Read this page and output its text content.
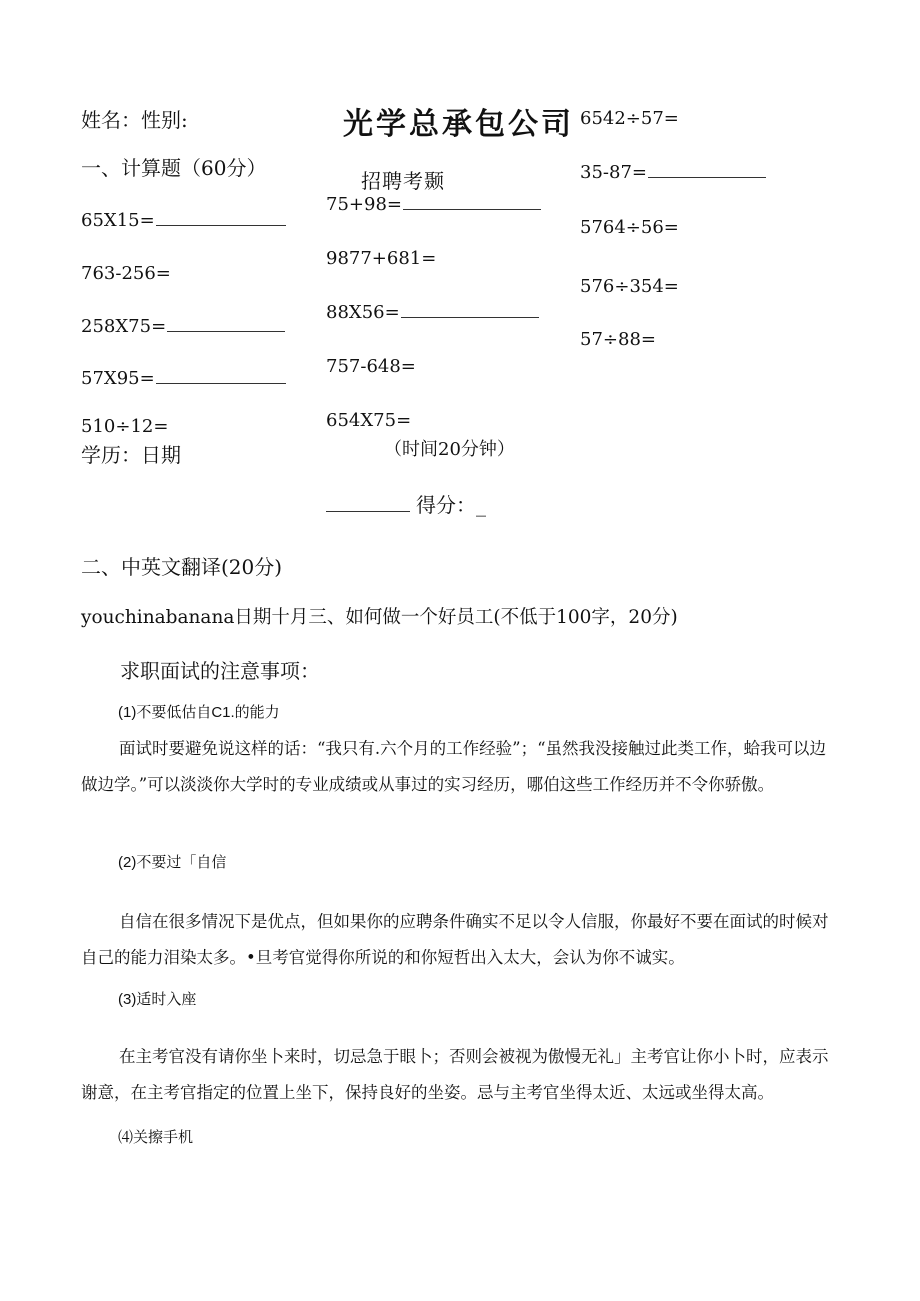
姓名：性别:	光学总承包公司
招聘考颞
一、计算题（60分）
65X15=
763-256=
258X75=
57X95=
510÷12=
学历：日期
75+98=
9877+681=
88X56=
757-648=
654X75=
（时间20分钟）
得分：_
6542÷57=
35-87=
5764÷56=
576÷354=
57÷88=
二、中英文翻译(20分)
youchinabanana日期十月三、如何做一个好员工(不低于100字，20分)
求职面试的注意事项：
(1)不要低估自C1.的能力
面试时要避免说这样的话：“我只有.六个月的工作经验”；“虽然我没接触过此类工作，蛤我可以边做边学。”可以淡淡你大学时的专业成绩或从事过的实习经历，哪伯这些工作经历并不令你骄傲。
(2)不要过「自信
自信在很多情况下是优点，但如果你的应聘条件确实不足以令人信服，你最好不要在面试的时候对自己的能力泪染太多。•旦考官觉得你所说的和你短哲出入太大，会认为你不诚实。
(3)适时入座
在主考官没有请你坐卜来时，切忌急于眼卜；否则会被视为傲慢无礼」主考官让你小卜时，应表示谢意，在主考官指定的位置上坐下，保持良好的坐姿。忌与主考官坐得太近、太远或坐得太高。
⑷关擦手机
